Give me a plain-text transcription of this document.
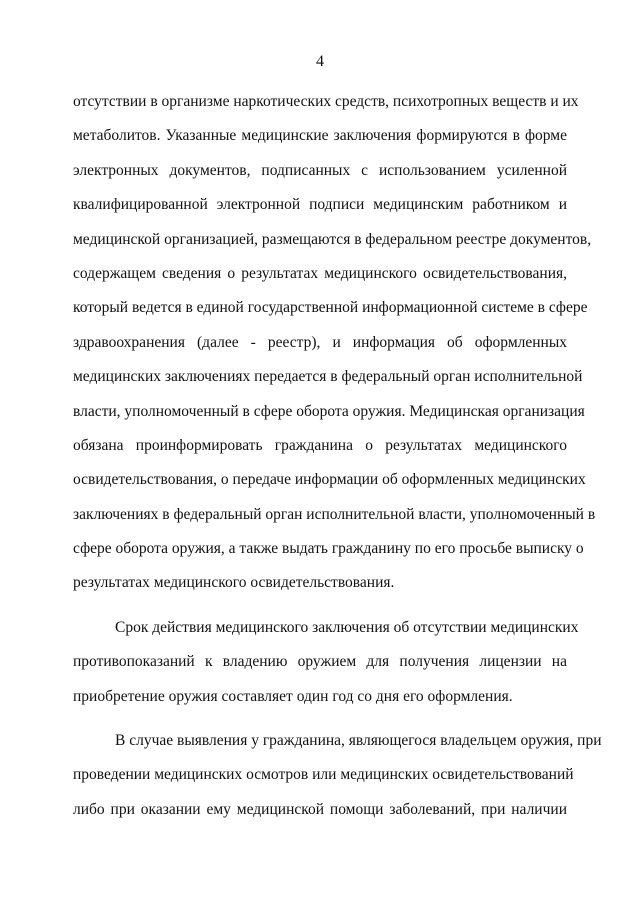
4
отсутствии в организме наркотических средств, психотропных веществ и их
метаболитов. Указанные медицинские заключения формируются в форме
электронных документов, подписанных с использованием усиленной
квалифицированной электронной подписи медицинским работником и
медицинской организацией, размещаются в федеральном реестре документов,
содержащем сведения о результатах медицинского освидетельствования,
который ведется в единой государственной информационной системе в сфере
здравоохранения (далее - реестр), и информация об оформленных
медицинских заключениях передается в федеральный орган исполнительной
власти, уполномоченный в сфере оборота оружия. Медицинская организация
обязана проинформировать гражданина о результатах медицинского
освидетельствования, о передаче информации об оформленных медицинских
заключениях в федеральный орган исполнительной власти, уполномоченный в
сфере оборота оружия, а также выдать гражданину по его просьбе выписку о
результатах медицинского освидетельствования.
Срок действия медицинского заключения об отсутствии медицинских
противопоказаний к владению оружием для получения лицензии на
приобретение оружия составляет один год со дня его оформления.
В случае выявления у гражданина, являющегося владельцем оружия, при
проведении медицинских осмотров или медицинских освидетельствований
либо при оказании ему медицинской помощи заболеваний, при наличии
